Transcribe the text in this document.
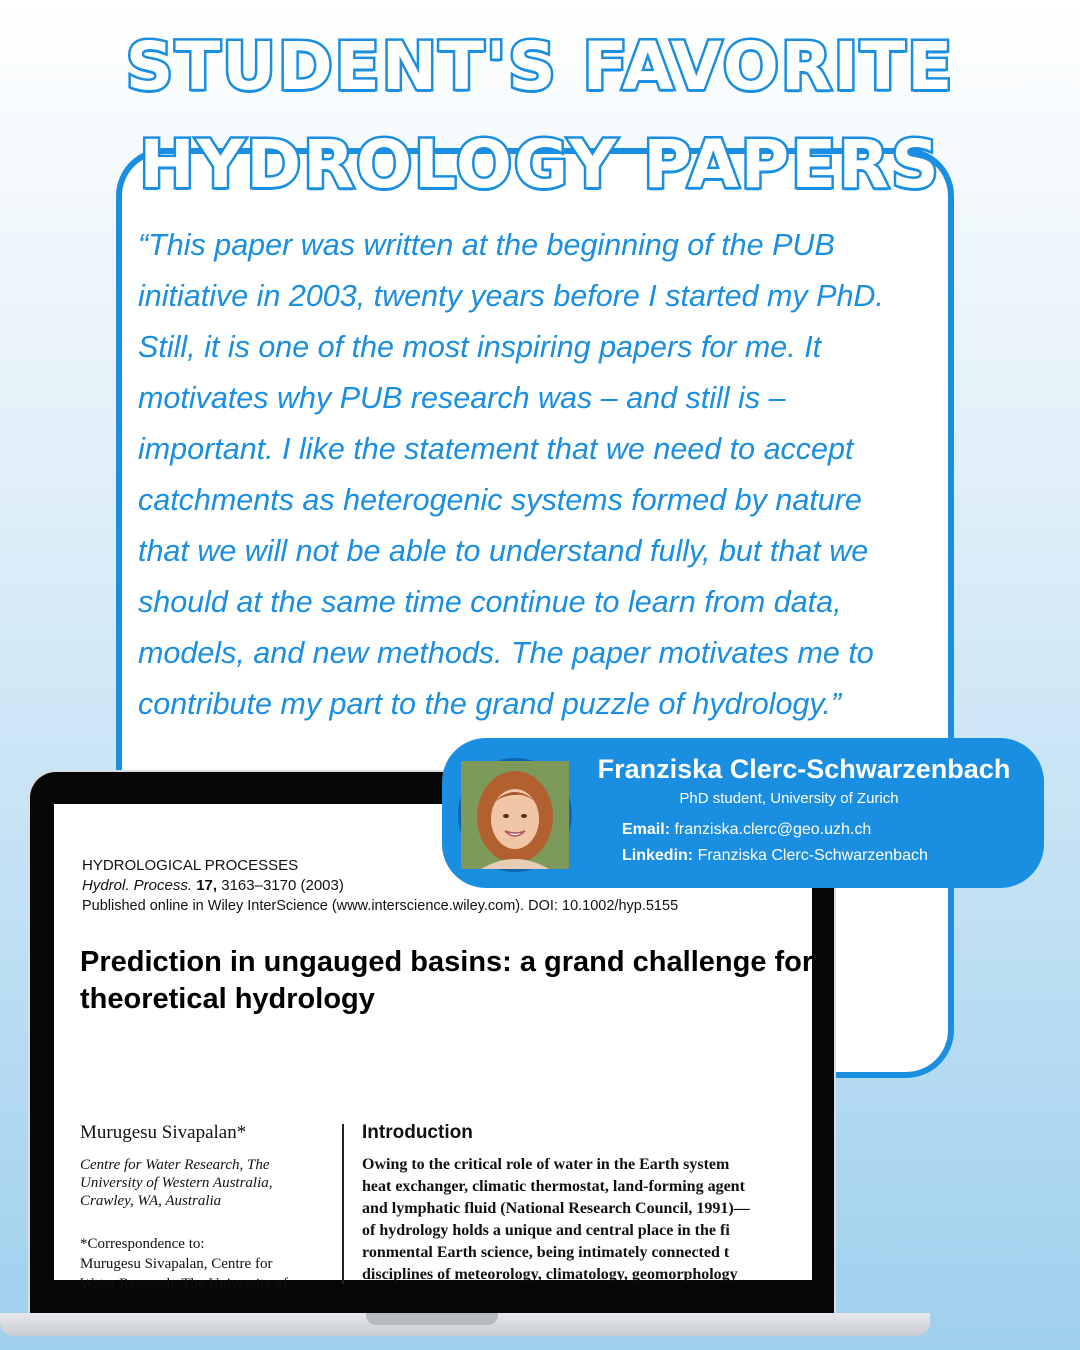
STUDENT'S FAVORITE
HYDROLOGY PAPERS
“This paper was written at the beginning of the PUB
initiative in 2003, twenty years before I started my PhD.
Still, it is one of the most inspiring papers for me. It
motivates why PUB research was – and still is –
important. I like the statement that we need to accept
catchments as heterogenic systems formed by nature
that we will not be able to understand fully, but that we
should at the same time continue to learn from data,
models, and new methods. The paper motivates me to
contribute my part to the grand puzzle of hydrology.”
HYDROLOGICAL PROCESSES
Hydrol. Process. 17, 3163–3170 (2003)
Published online in Wiley InterScience (www.interscience.wiley.com). DOI: 10.1002/hyp.5155
Prediction in ungauged basins: a grand challenge for
theoretical hydrology
Murugesu Sivapalan*
Centre for Water Research, The
University of Western Australia,
Crawley, WA, Australia
*Correspondence to:
Murugesu Sivapalan, Centre for
Water Research, The University of
Introduction
Owing to the critical role of water in the Earth system
heat exchanger, climatic thermostat, land-forming agent
and lymphatic fluid (National Research Council, 1991)—
of hydrology holds a unique and central place in the fi
ronmental Earth science, being intimately connected t
disciplines of meteorology, climatology, geomorphology
Franziska Clerc-Schwarzenbach
PhD student, University of Zurich
Email: franziska.clerc@geo.uzh.ch
Linkedin: Franziska Clerc-Schwarzenbach
